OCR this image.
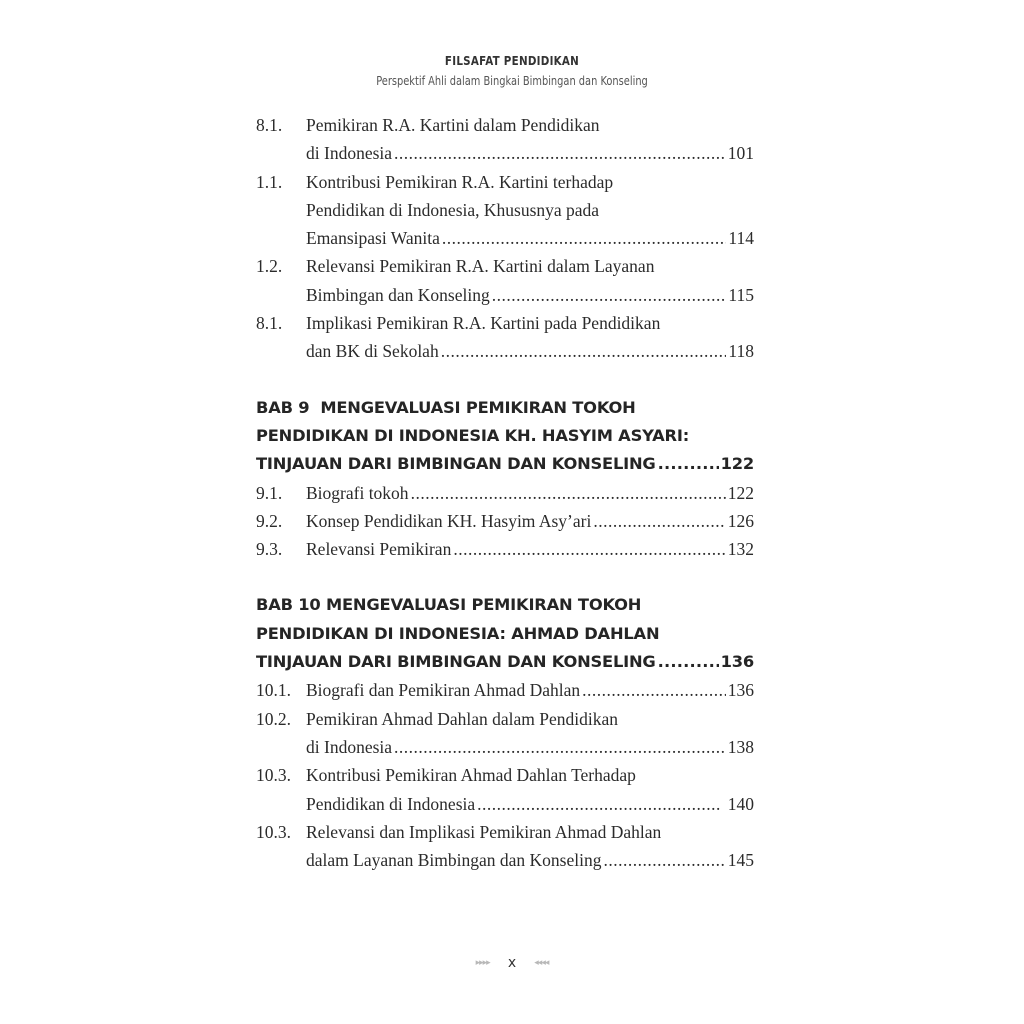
FILSAFAT PENDIDIKAN
Perspektif Ahli dalam Bingkai Bimbingan dan Konseling
8.1.	Pemikiran R.A. Kartini dalam Pendidikan
di Indonesia .....	101
1.1.	Kontribusi Pemikiran R.A. Kartini terhadap
Pendidikan di Indonesia, Khususnya pada
Emansipasi Wanita .....	114
1.2.	Relevansi Pemikiran R.A. Kartini dalam Layanan
Bimbingan dan Konseling .....	115
8.1.	Implikasi Pemikiran R.A. Kartini pada Pendidikan
dan BK di Sekolah .....	118
BAB 9  MENGEVALUASI PEMIKIRAN TOKOH
PENDIDIKAN DI INDONESIA KH. HASYIM ASYARI:
TINJAUAN DARI BIMBINGAN DAN KONSELING .....	122
9.1.	Biografi tokoh .....	122
9.2.	Konsep Pendidikan KH. Hasyim Asy’ari .....	126
9.3.	Relevansi Pemikiran .....	132
BAB 10 MENGEVALUASI PEMIKIRAN TOKOH
PENDIDIKAN DI INDONESIA: AHMAD DAHLAN
TINJAUAN DARI BIMBINGAN DAN KONSELING .....	136
10.1. Biografi dan Pemikiran Ahmad Dahlan .....	136
10.2. Pemikiran Ahmad Dahlan dalam Pendidikan
di Indonesia .....	138
10.3. Kontribusi Pemikiran Ahmad Dahlan Terhadap
Pendidikan di Indonesia .....	140
10.3. Relevansi dan Implikasi Pemikiran Ahmad Dahlan
dalam Layanan Bimbingan dan Konseling .....	145
▸▸▸▸ x ◂◂◂◂
